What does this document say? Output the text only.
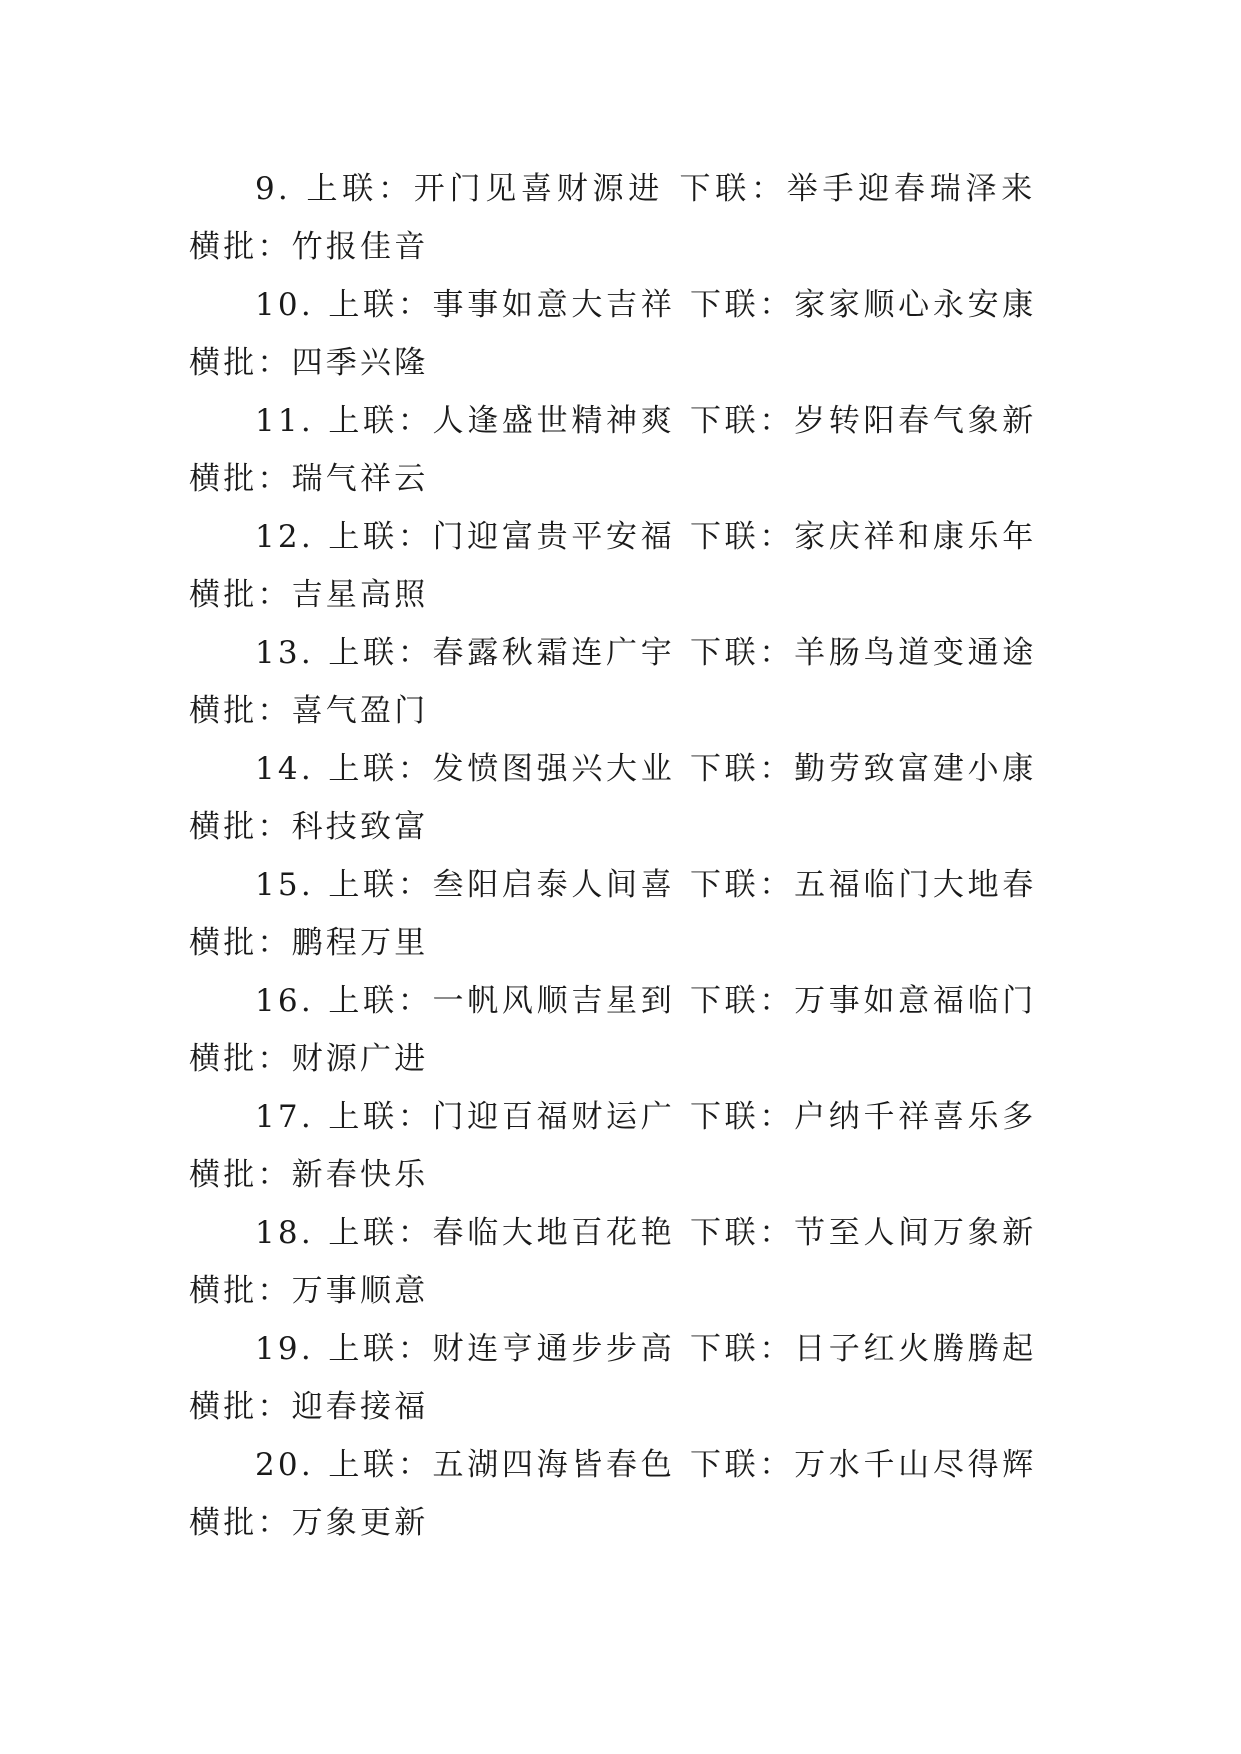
9. 上联：开门见喜财源进 下联：举手迎春瑞泽来横批：竹报佳音

10. 上联：事事如意大吉祥 下联：家家顺心永安康横批：四季兴隆

11. 上联：人逢盛世精神爽 下联：岁转阳春气象新横批：瑞气祥云

12. 上联：门迎富贵平安福 下联：家庆祥和康乐年横批：吉星高照

13. 上联：春露秋霜连广宇 下联：羊肠鸟道变通途横批：喜气盈门

14. 上联：发愤图强兴大业 下联：勤劳致富建小康横批：科技致富

15. 上联：叁阳启泰人间喜 下联：五福临门大地春横批：鹏程万里

16. 上联：一帆风顺吉星到 下联：万事如意福临门横批：财源广进

17. 上联：门迎百福财运广 下联：户纳千祥喜乐多横批：新春快乐

18. 上联：春临大地百花艳 下联：节至人间万象新横批：万事顺意

19. 上联：财连亨通步步高 下联：日子红火腾腾起横批：迎春接福

20. 上联：五湖四海皆春色 下联：万水千山尽得辉横批：万象更新
